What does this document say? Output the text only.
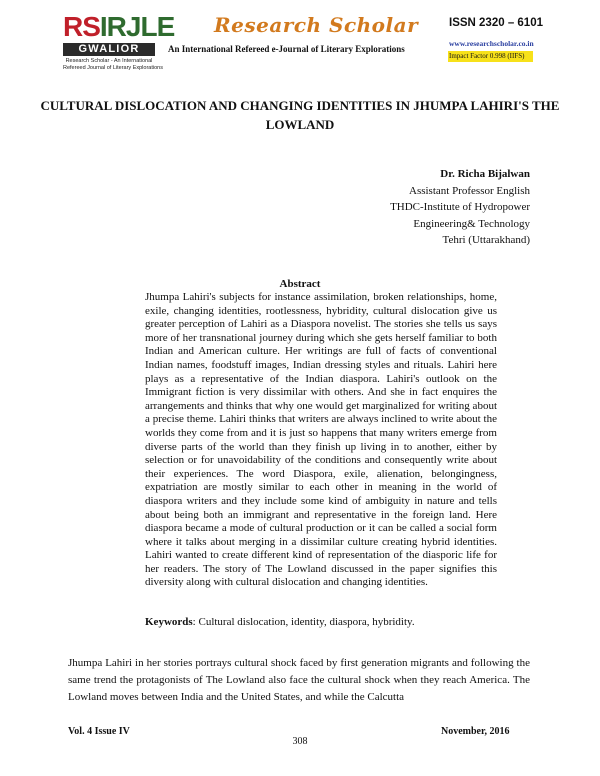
RSIRJLE
GWALIOR
Research Scholar - An International
Refereed Journal of Literary Explorations
Research Scholar
An International Refereed e-Journal of Literary Explorations
ISSN 2320 – 6101
www.researchscholar.co.in
Impact Factor 0.998 (IIFS)
CULTURAL DISLOCATION AND CHANGING IDENTITIES IN JHUMPA LAHIRI'S THE LOWLAND
Dr. Richa Bijalwan
Assistant Professor English
THDC-Institute of Hydropower
Engineering& Technology
Tehri (Uttarakhand)
Abstract
Jhumpa Lahiri's subjects for instance assimilation, broken relationships, home, exile, changing identities, rootlessness, hybridity, cultural dislocation give us greater perception of Lahiri as a Diaspora novelist. The stories she tells us says more of her transnational journey during which she gets herself familiar to both Indian and American culture. Her writings are full of facts of conventional Indian names, foodstuff images, Indian dressing styles and rituals. Lahiri here plays as a representative of the Indian diaspora. Lahiri's outlook on the Immigrant fiction is very dissimilar with others. And she in fact enquires the arrangements and thinks that why one would get marginalized for writing about a precise theme. Lahiri thinks that writers are always inclined to write about the worlds they come from and it is just so happens that many writers emerge from diverse parts of the world than they finish up living in to another, either by selection or for unavoidability of the conditions and consequently write about their experiences. The word Diaspora, exile, alienation, belongingness, expatriation are mostly similar to each other in meaning in the world of diaspora writers and they include some kind of ambiguity in nature and tells about being both an immigrant and representative in the foreign land. Here diaspora became a mode of cultural production or it can be called a social form where it talks about merging in a dissimilar culture creating hybrid identities. Lahiri wanted to create different kind of representation of the diasporic life for her readers. The story of The Lowland discussed in the paper signifies this diversity along with cultural dislocation and changing identities.
Keywords: Cultural dislocation, identity, diaspora, hybridity.
Jhumpa Lahiri in her stories portrays cultural shock faced by first generation migrants and following the same trend the protagonists of The Lowland also face the cultural shock when they reach America. The Lowland moves between India and the United States, and while the Calcutta
Vol. 4 Issue IV	November, 2016
308
